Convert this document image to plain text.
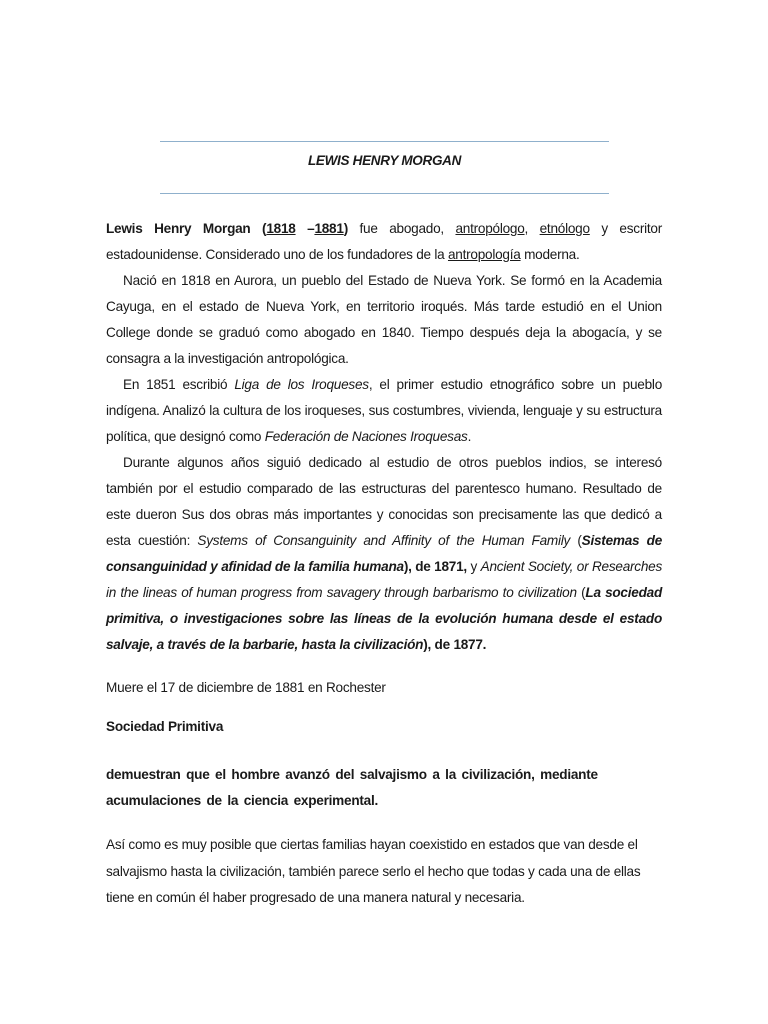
LEWIS HENRY MORGAN

Lewis Henry Morgan (1818 –1881) fue abogado, antropólogo, etnólogo y escritor estadounidense. Considerado uno de los fundadores de la antropología moderna.

Nació en 1818 en Aurora, un pueblo del Estado de Nueva York. Se formó en la Academia Cayuga, en el estado de Nueva York, en territorio iroqués. Más tarde estudió en el Union College donde se graduó como abogado en 1840. Tiempo después deja la abogacía, y se consagra a la investigación antropológica.

En 1851 escribió Liga de los Iroqueses, el primer estudio etnográfico sobre un pueblo indígena. Analizó la cultura de los iroqueses, sus costumbres, vivienda, lenguaje y su estructura política, que designó como Federación de Naciones Iroquesas.

Durante algunos años siguió dedicado al estudio de otros pueblos indios, se interesó también por el estudio comparado de las estructuras del parentesco humano. Resultado de este dueron Sus dos obras más importantes y conocidas son precisamente las que dedicó a esta cuestión: Systems of Consanguinity and Affinity of the Human Family (Sistemas de consanguinidad y afinidad de la familia humana), de 1871, y Ancient Society, or Researches in the lineas of human progress from savagery through barbarismo to civilization (La sociedad primitiva, o investigaciones sobre las líneas de la evolución humana desde el estado salvaje, a través de la barbarie, hasta la civilización), de 1877.

Muere el 17 de diciembre de 1881 en Rochester
Sociedad Primitiva
demuestran que el hombre avanzó del salvajismo a la civilización, mediante acumulaciones de la ciencia experimental.
Así como es muy posible que ciertas familias hayan coexistido en estados que van desde el salvajismo hasta la civilización, también parece serlo el hecho que todas y cada una de ellas tiene en común él haber progresado de una manera natural y necesaria.
